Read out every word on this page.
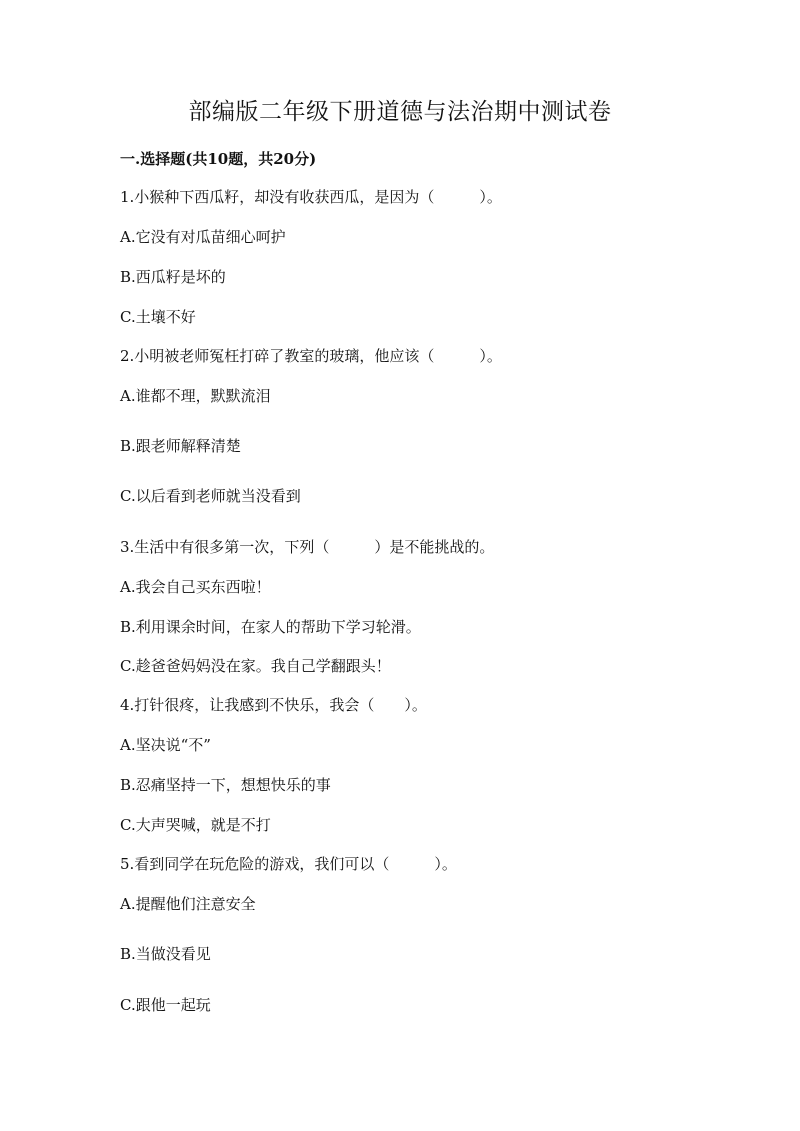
部编版二年级下册道德与法治期中测试卷
一.选择题(共10题，共20分)

1.小猴种下西瓜籽，却没有收获西瓜，是因为（　　　）。

A.它没有对瓜苗细心呵护

B.西瓜籽是坏的

C.土壤不好

2.小明被老师冤枉打碎了教室的玻璃，他应该（　　　）。

A.谁都不理，默默流泪

B.跟老师解释清楚

C.以后看到老师就当没看到

3.生活中有很多第一次，下列（　　　）是不能挑战的。

A.我会自己买东西啦！

B.利用课余时间，在家人的帮助下学习轮滑。

C.趁爸爸妈妈没在家。我自己学翻跟头！

4.打针很疼，让我感到不快乐，我会（　　）。

A.坚决说“不”

B.忍痛坚持一下，想想快乐的事

C.大声哭喊，就是不打

5.看到同学在玩危险的游戏，我们可以（　　　）。

A.提醒他们注意安全

B.当做没看见

C.跟他一起玩
